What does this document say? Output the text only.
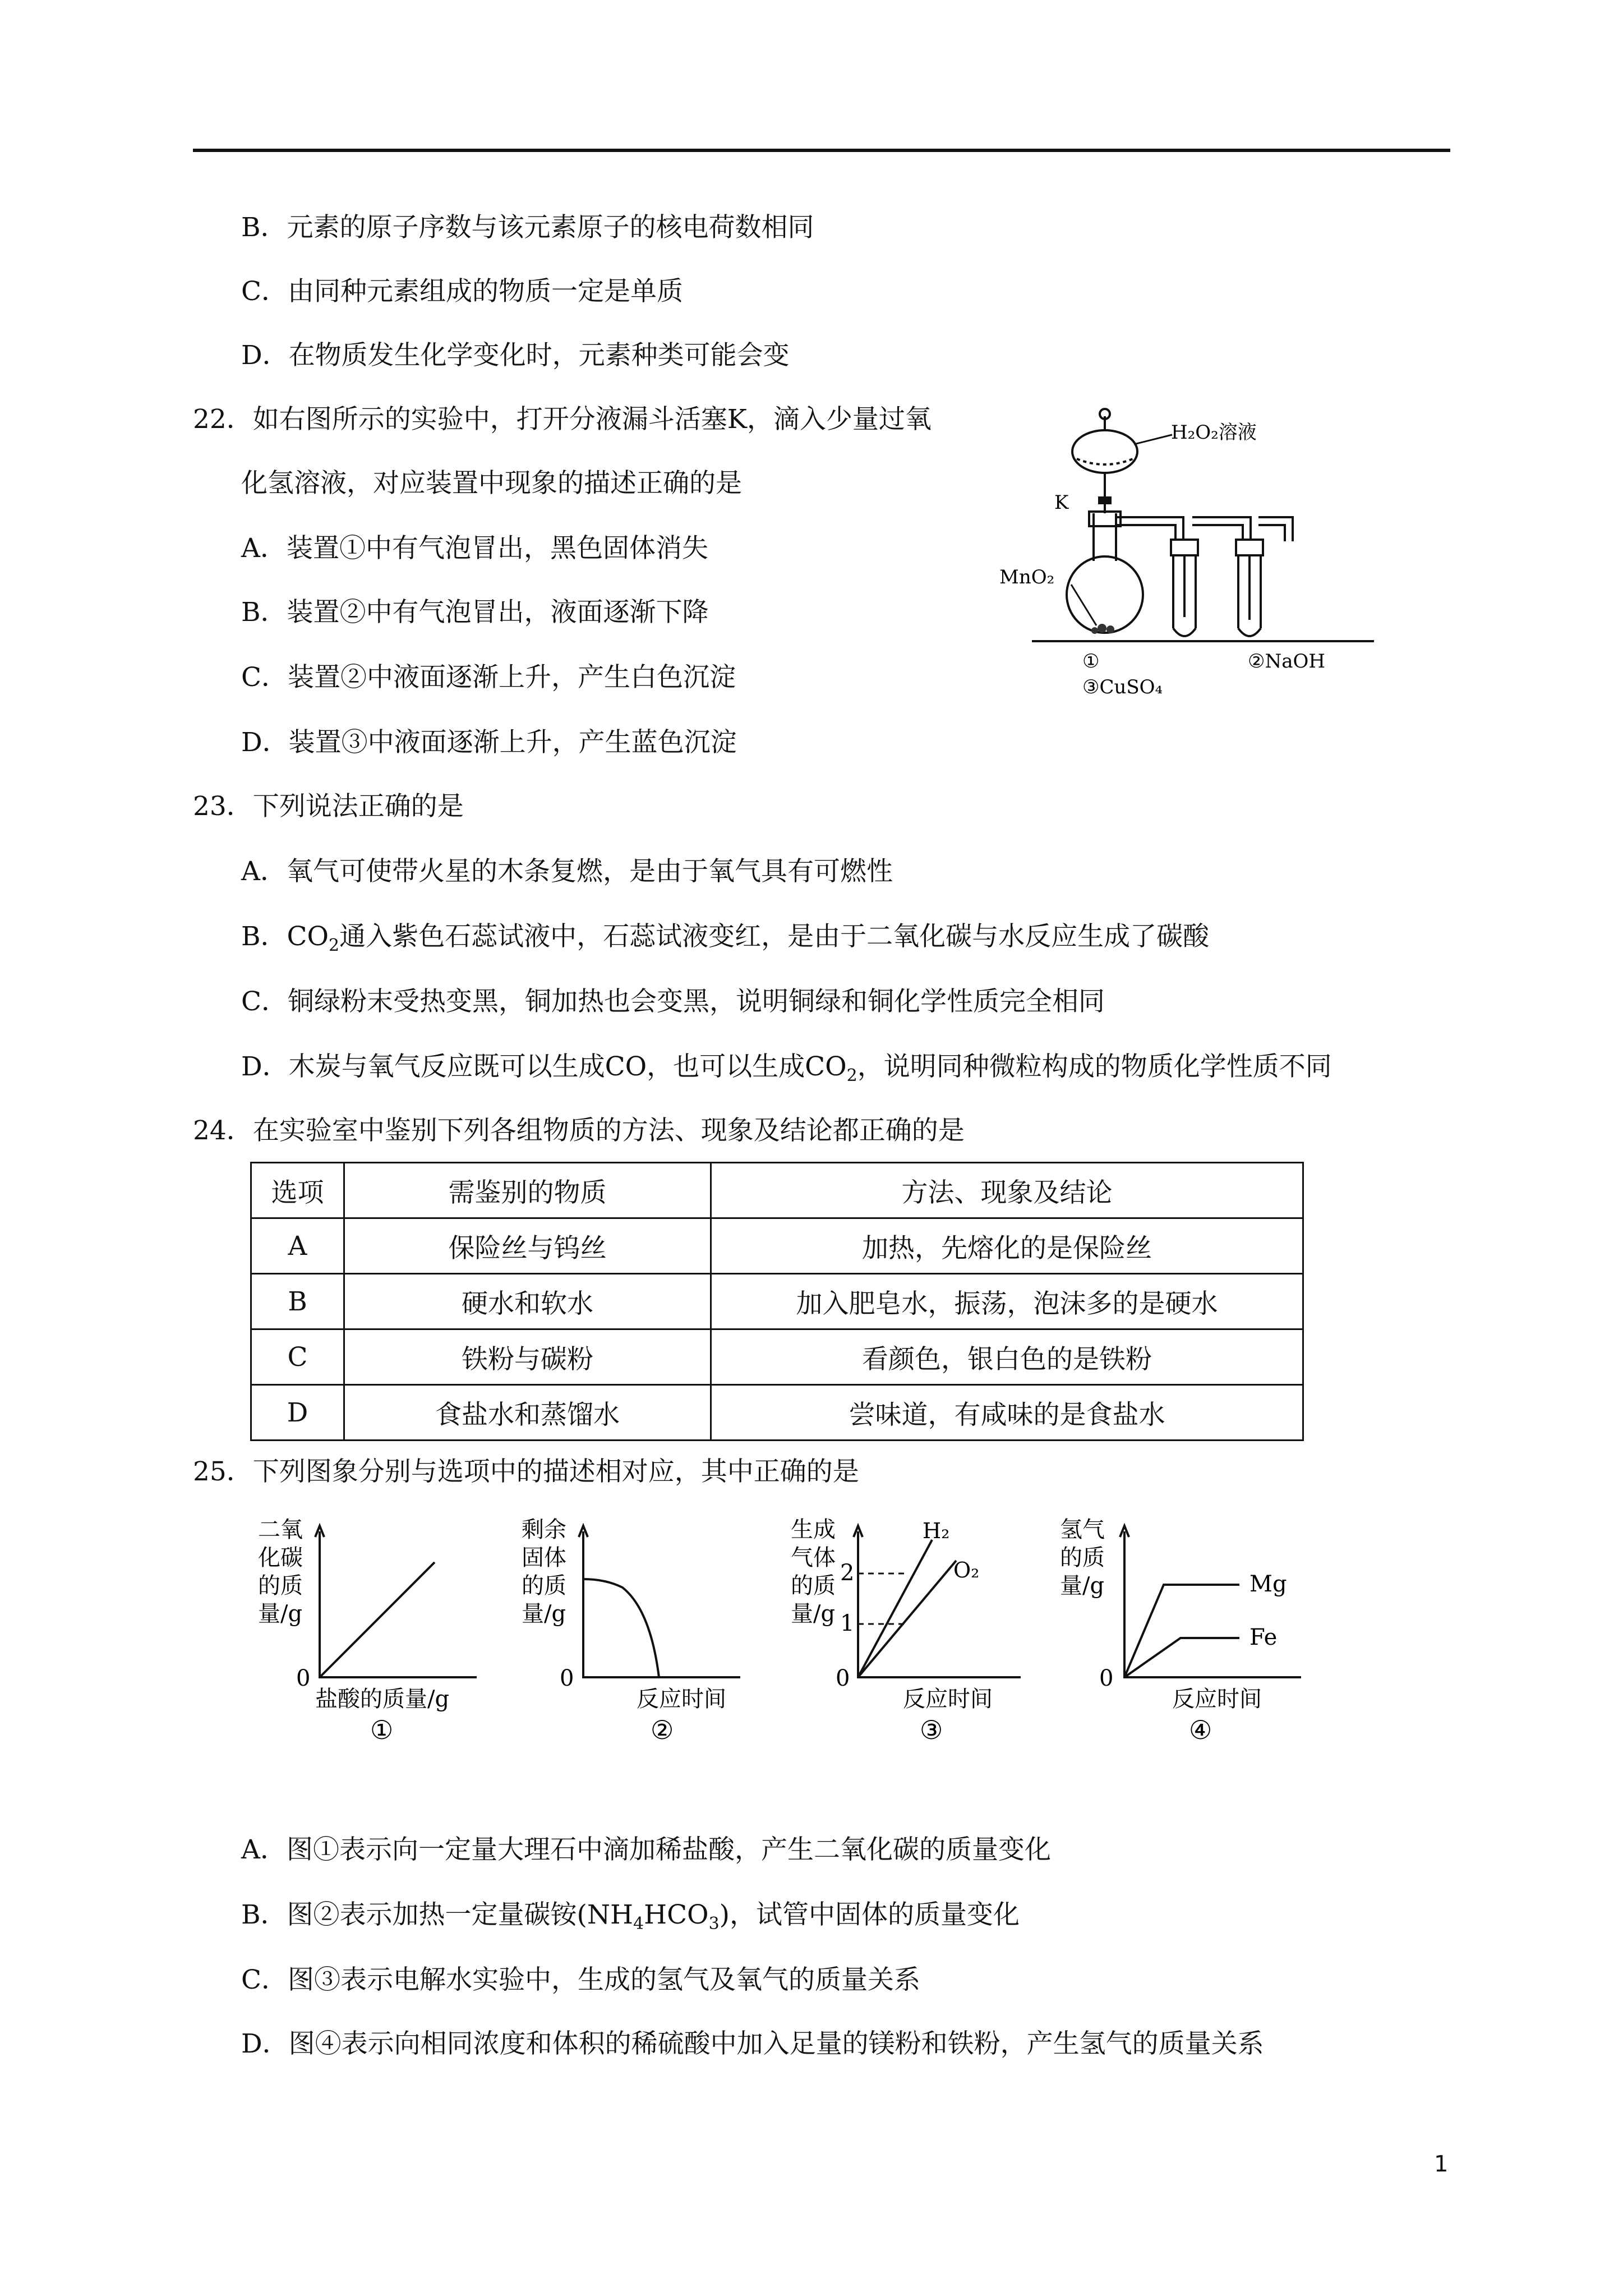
B．元素的原子序数与该元素原子的核电荷数相同
C．由同种元素组成的物质一定是单质
D．在物质发生化学变化时，元素种类可能会变
22．如右图所示的实验中，打开分液漏斗活塞K，滴入少量过氧
化氢溶液，对应装置中现象的描述正确的是
A．装置①中有气泡冒出，黑色固体消失
B．装置②中有气泡冒出，液面逐渐下降
C．装置②中液面逐渐上升，产生白色沉淀
D．装置③中液面逐渐上升，产生蓝色沉淀
H₂O₂溶液
K
MnO₂
①	②NaOH
③CuSO₄
23．下列说法正确的是
A．氧气可使带火星的木条复燃，是由于氧气具有可燃性
B．$CO_2$通入紫色石蕊试液中，石蕊试液变红，是由于二氧化碳与水反应生成了碳酸
C．铜绿粉末受热变黑，铜加热也会变黑，说明铜绿和铜化学性质完全相同
D．木炭与氧气反应既可以生成CO，也可以生成$CO_2$，说明同种微粒构成的物质化学性质不同
24．在实验室中鉴别下列各组物质的方法、现象及结论都正确的是
选项	需鉴别的物质	方法、现象及结论
A	保险丝与钨丝	加热，先熔化的是保险丝
B	硬水和软水	加入肥皂水，振荡，泡沫多的是硬水
C	铁粉与碳粉	看颜色，银白色的是铁粉
D	食盐水和蒸馏水	尝味道，有咸味的是食盐水
25．下列图象分别与选项中的描述相对应，其中正确的是
二氧
化碳
的质
量/g
0
盐酸的质量/g
①
剩余
固体
的质
量/g
0
反应时间
②
生成
气体
的质
量/g
2
1
H₂
O₂
0
反应时间
③
氢气
的质
量/g	Mg
Fe
0
反应时间
④
A．图①表示向一定量大理石中滴加稀盐酸，产生二氧化碳的质量变化
B．图②表示加热一定量碳铵$(NH_4HCO_3)$，试管中固体的质量变化
C．图③表示电解水实验中，生成的氢气及氧气的质量关系
D．图④表示向相同浓度和体积的稀硫酸中加入足量的镁粉和铁粉，产生氢气的质量关系
1
